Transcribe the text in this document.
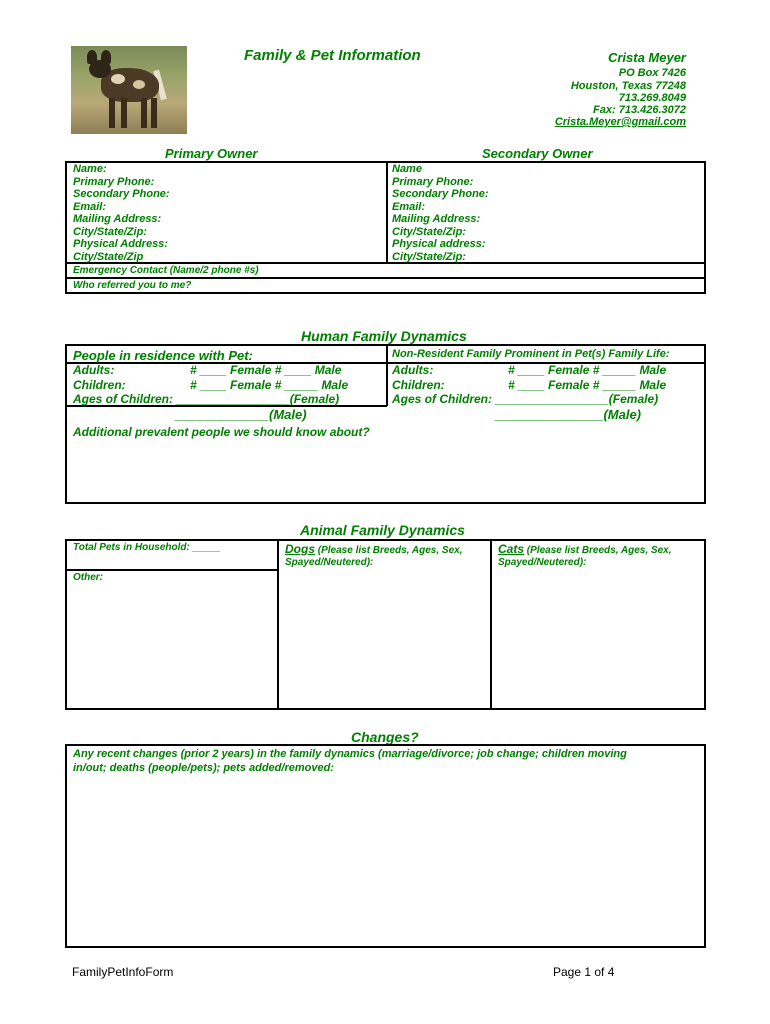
Family & Pet Information	Crista Meyer
PO Box 7426
Houston, Texas 77248
713.269.8049
Fax: 713.426.3072
Crista.Meyer@gmail.com
Primary Owner	Secondary Owner
Name:
Primary Phone:
Secondary Phone:
Email:
Mailing Address:
City/State/Zip:
Physical Address:
City/State/Zip
Name
Primary Phone:
Secondary Phone:
Email:
Mailing Address:
City/State/Zip:
Physical address:
City/State/Zip:
Emergency Contact (Name/2 phone #s)
Who referred you to me?
Human Family Dynamics
People in residence with Pet:	Non-Resident Family Prominent in Pet(s) Family Life:
Adults:	# ____ Female # ____ Male
Children:	# ____ Female # _____ Male
Ages of Children: _________________(Female)
_____________(Male)
Adults:	# ____ Female # _____ Male
Children:	# ____ Female # _____ Male
Ages of Children: _________________(Female)
_______________(Male)
Additional prevalent people we should know about?
Animal Family Dynamics
Total Pets in Household: _____
Other:
Dogs (Please list Breeds, Ages, Sex,
Spayed/Neutered):
Cats (Please list Breeds, Ages, Sex,
Spayed/Neutered):
Changes?
Any recent changes (prior 2 years) in the family dynamics (marriage/divorce; job change; children moving
in/out; deaths (people/pets); pets added/removed:
FamilyPetInfoForm	Page 1 of 4
